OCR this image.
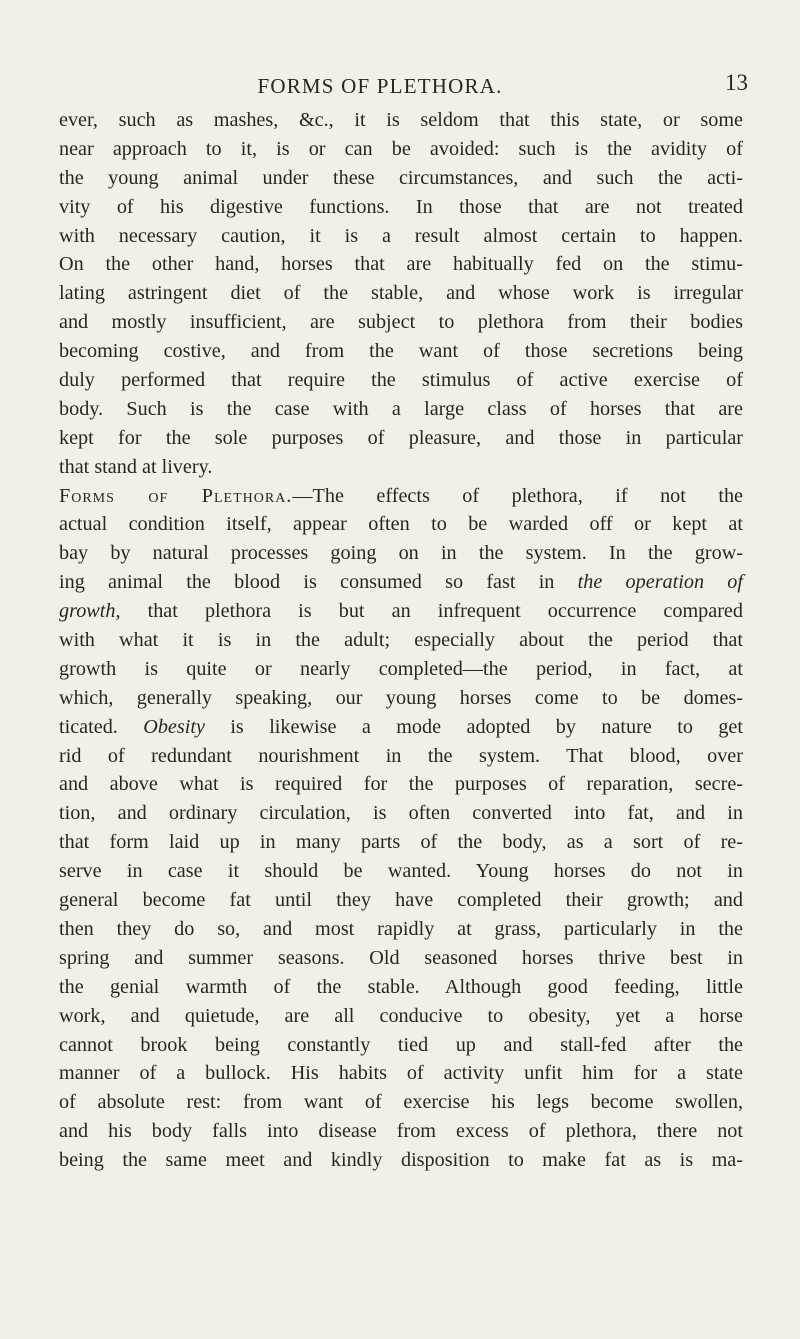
FORMS OF PLETHORA.	13
ever, such as mashes, &c., it is seldom that this state, or some
near approach to it, is or can be avoided: such is the avidity of
the young animal under these circumstances, and such the acti-
vity of his digestive functions. In those that are not treated
with necessary caution, it is a result almost certain to happen.
On the other hand, horses that are habitually fed on the stimu-
lating astringent diet of the stable, and whose work is irregular
and mostly insufficient, are subject to plethora from their bodies
becoming costive, and from the want of those secretions being
duly performed that require the stimulus of active exercise of
body. Such is the case with a large class of horses that are
kept for the sole purposes of pleasure, and those in particular
that stand at livery.
Forms of Plethora.—The effects of plethora, if not the
actual condition itself, appear often to be warded off or kept at
bay by natural processes going on in the system. In the grow-
ing animal the blood is consumed so fast in the operation of
growth, that plethora is but an infrequent occurrence compared
with what it is in the adult; especially about the period that
growth is quite or nearly completed—the period, in fact, at
which, generally speaking, our young horses come to be domes-
ticated. Obesity is likewise a mode adopted by nature to get
rid of redundant nourishment in the system. That blood, over
and above what is required for the purposes of reparation, secre-
tion, and ordinary circulation, is often converted into fat, and in
that form laid up in many parts of the body, as a sort of re-
serve in case it should be wanted. Young horses do not in
general become fat until they have completed their growth; and
then they do so, and most rapidly at grass, particularly in the
spring and summer seasons. Old seasoned horses thrive best in
the genial warmth of the stable. Although good feeding, little
work, and quietude, are all conducive to obesity, yet a horse
cannot brook being constantly tied up and stall-fed after the
manner of a bullock. His habits of activity unfit him for a state
of absolute rest: from want of exercise his legs become swollen,
and his body falls into disease from excess of plethora, there not
being the same meet and kindly disposition to make fat as is ma-
